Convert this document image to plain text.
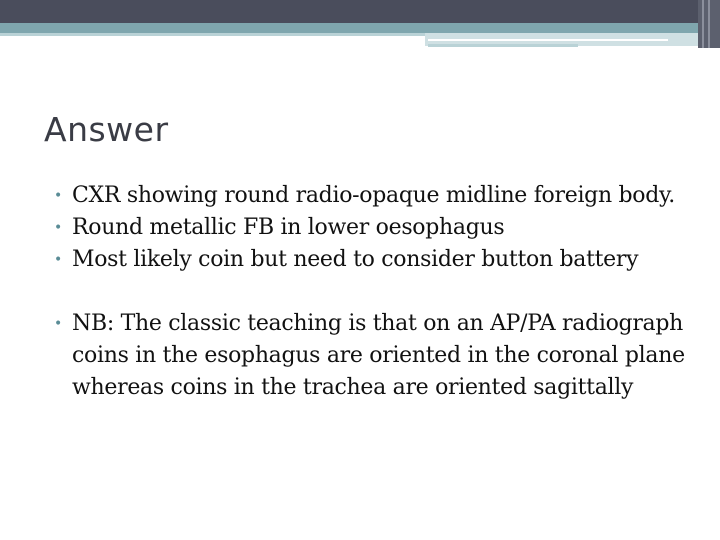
Answer
• CXR showing round radio-opaque midline foreign body.
• Round metallic FB in lower oesophagus
• Most likely coin but need to consider button battery
• NB: The classic teaching is that on an AP/PA radiograph coins in the esophagus are oriented in the coronal plane whereas coins in the trachea are oriented sagittally
